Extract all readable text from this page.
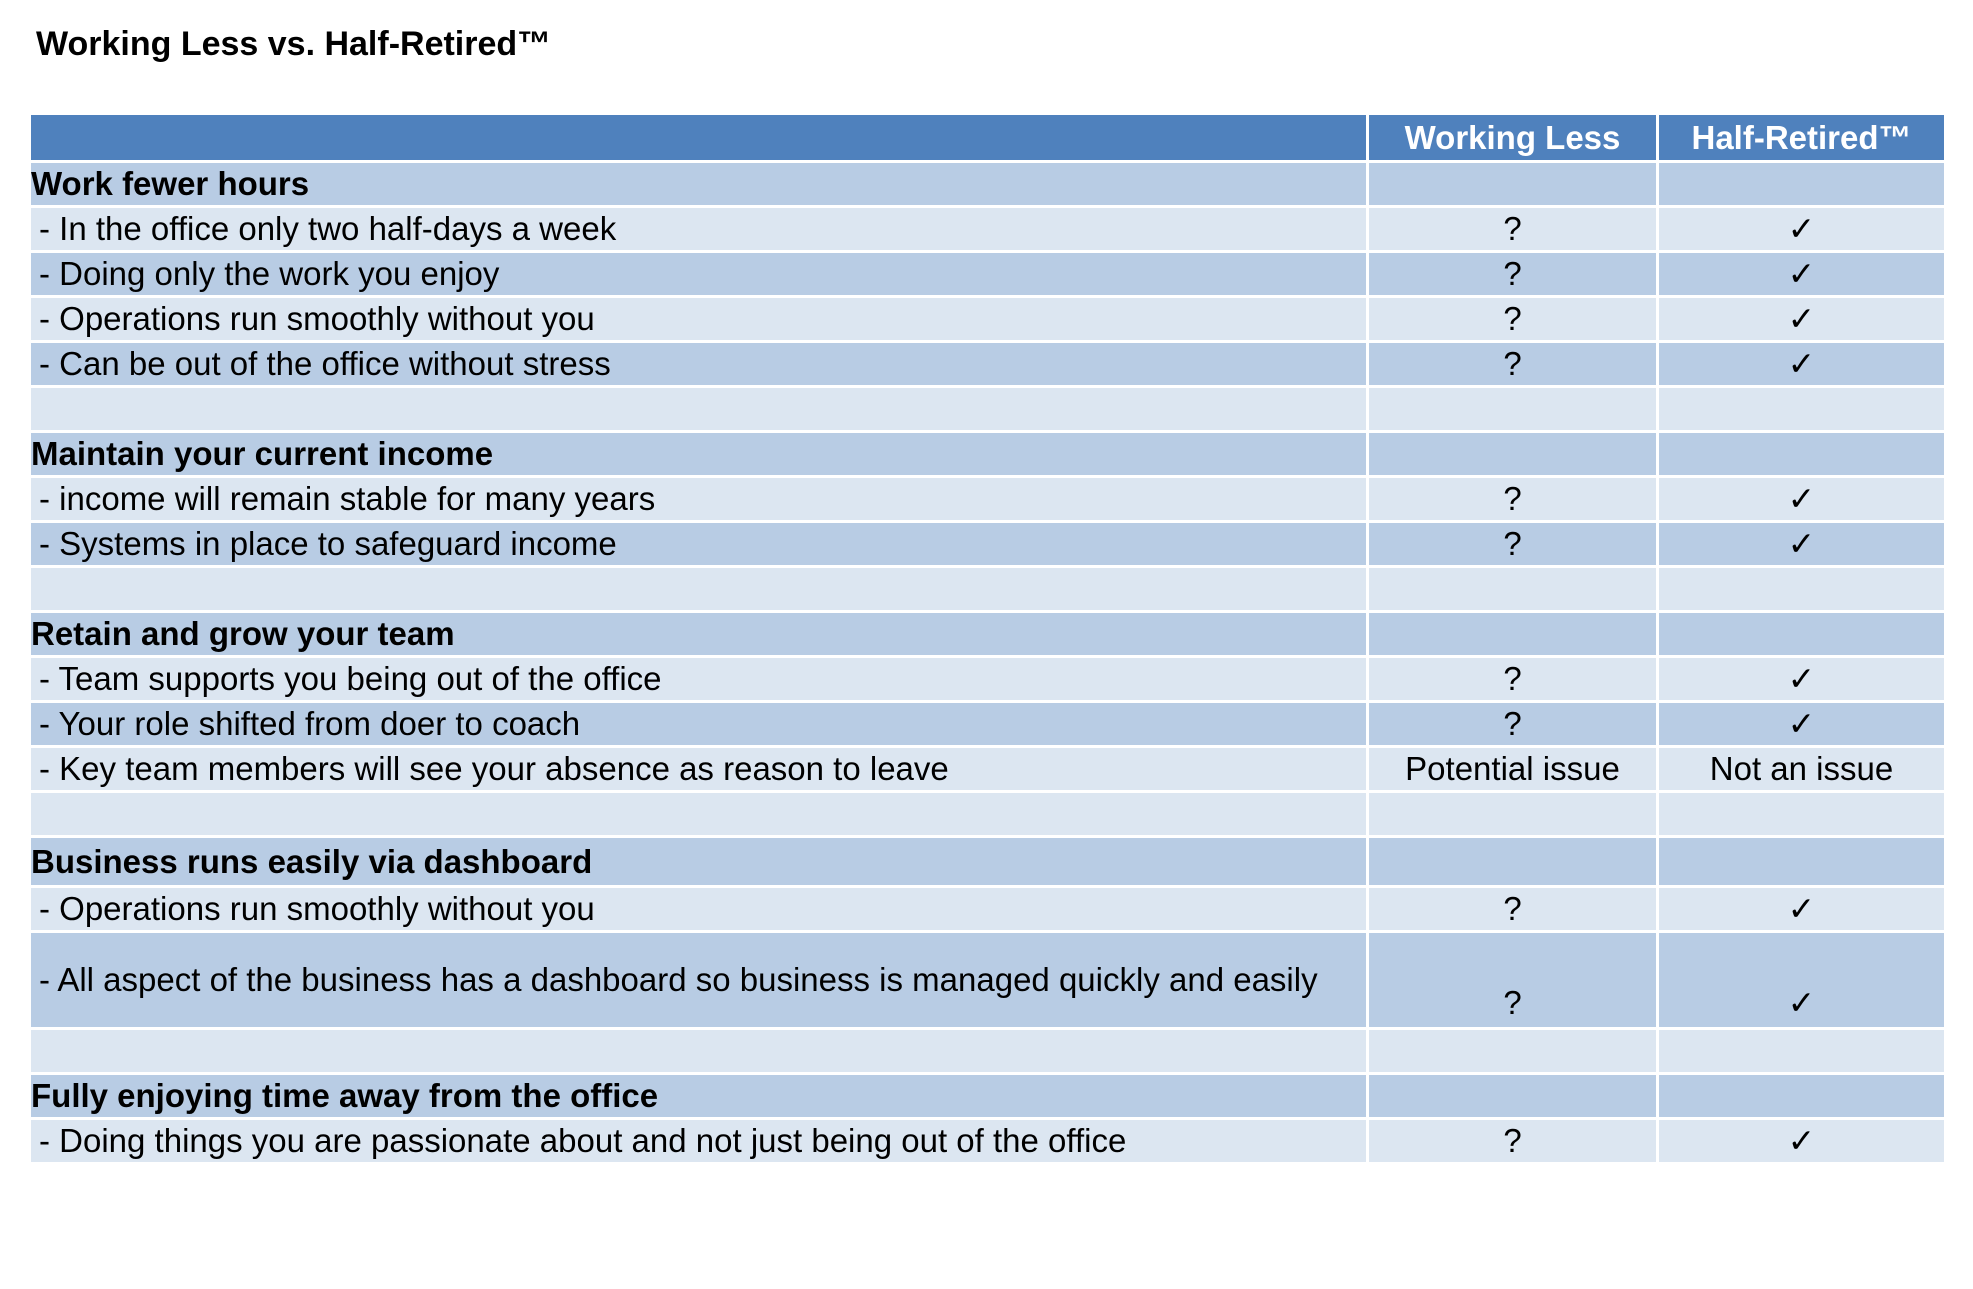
Working Less vs. Half-Retired™
	Working Less	Half-Retired™
Work fewer hours		
- In the office only two half-days a week	?	✓
- Doing only the work you enjoy	?	✓
- Operations run smoothly without you	?	✓
- Can be out of the office without stress	?	✓

Maintain your current income		
- income will remain stable for many years	?	✓
- Systems in place to safeguard income	?	✓

Retain and grow your team		
- Team supports you being out of the office	?	✓
- Your role shifted from doer to coach	?	✓
- Key team members will see your absence as reason to leave	Potential issue	Not an issue

Business runs easily via dashboard		
- Operations run smoothly without you	?	✓
- All aspect of the business has a dashboard so business is managed quickly and easily	?	✓

Fully enjoying time away from the office		
- Doing things you are passionate about and not just being out of the office	?	✓
